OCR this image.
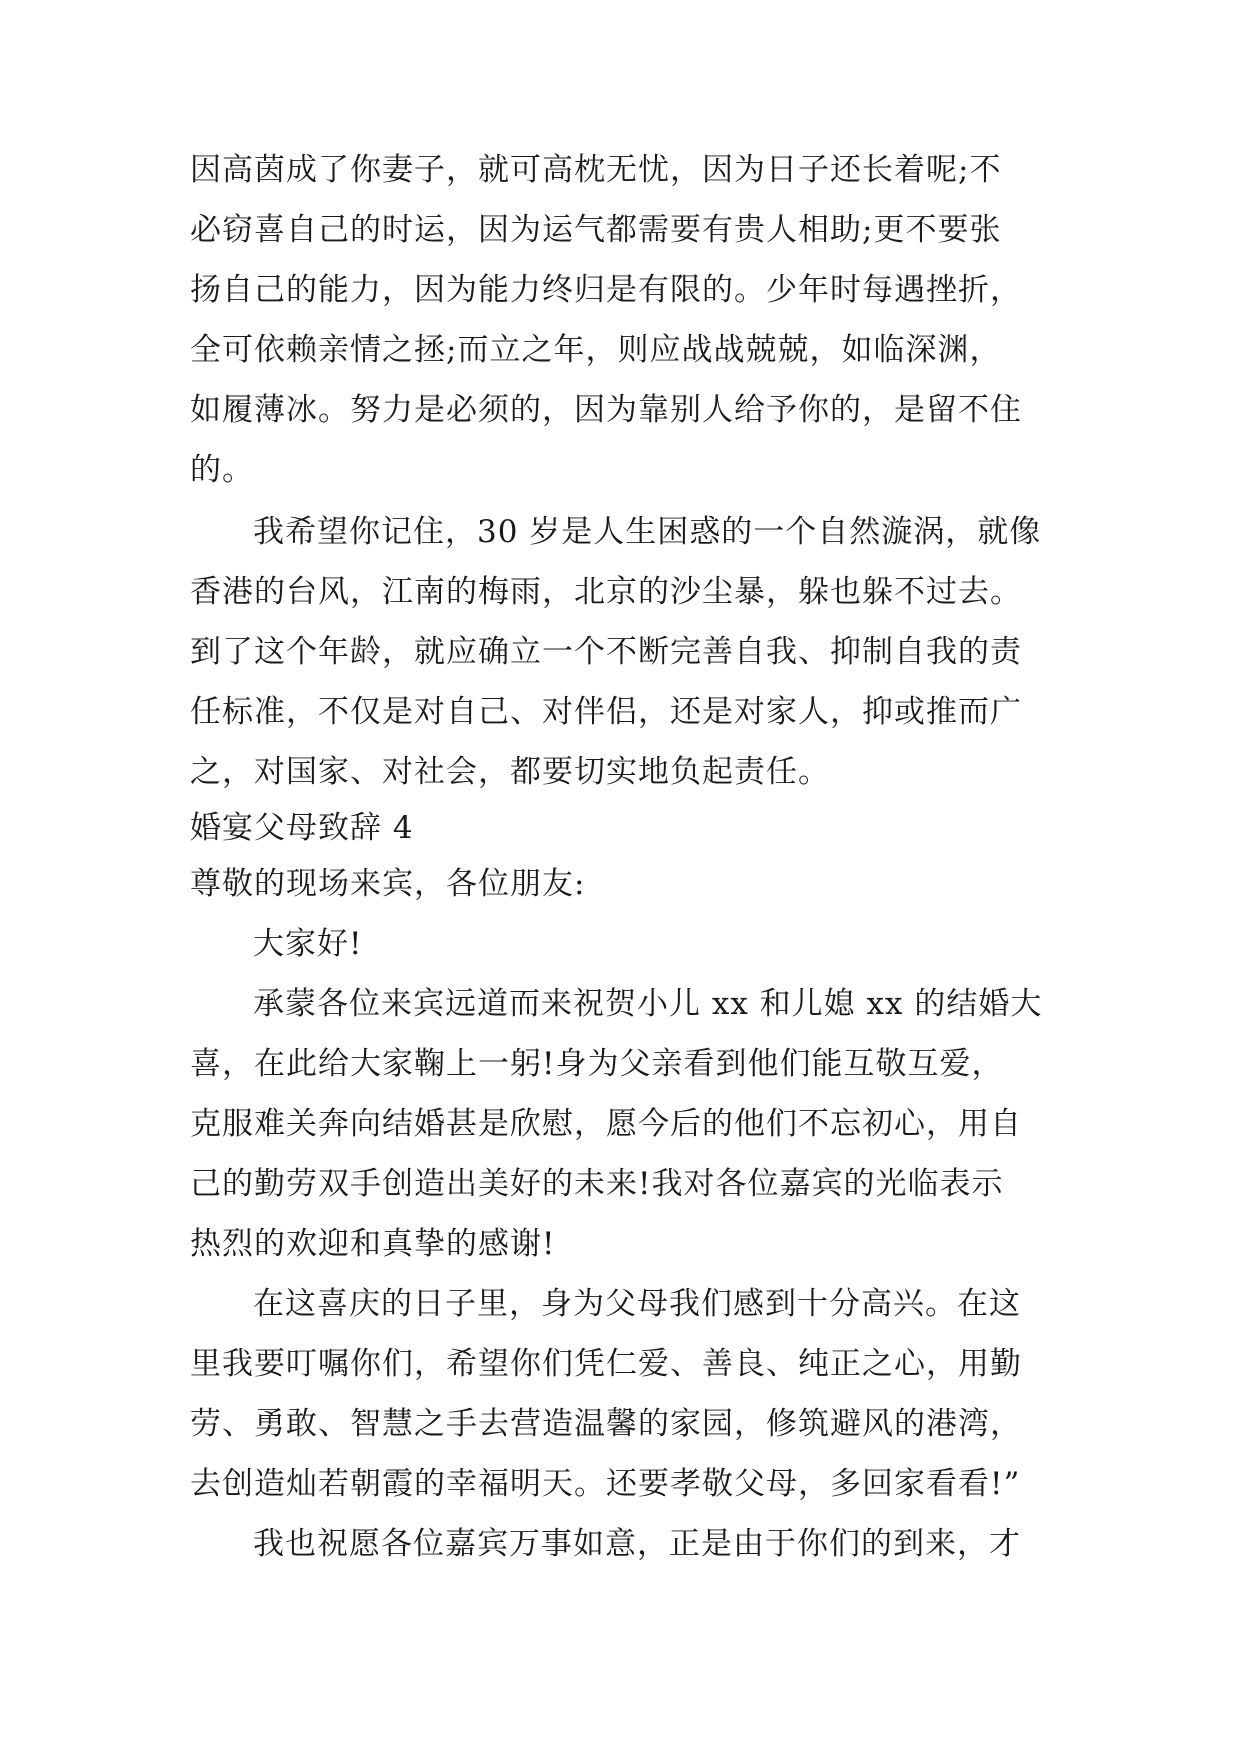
因高茵成了你妻子，就可高枕无忧，因为日子还长着呢;不
必窃喜自己的时运，因为运气都需要有贵人相助;更不要张
扬自己的能力，因为能力终归是有限的。少年时每遇挫折，
全可依赖亲情之拯;而立之年，则应战战兢兢，如临深渊，
如履薄冰。努力是必须的，因为靠别人给予你的，是留不住
的。
我希望你记住，30 岁是人生困惑的一个自然漩涡，就像
香港的台风，江南的梅雨，北京的沙尘暴，躲也躲不过去。
到了这个年龄，就应确立一个不断完善自我、抑制自我的责
任标准，不仅是对自己、对伴侣，还是对家人，抑或推而广
之，对国家、对社会，都要切实地负起责任。
婚宴父母致辞 4
尊敬的现场来宾，各位朋友:
大家好!
承蒙各位来宾远道而来祝贺小儿 xx 和儿媳 xx 的结婚大
喜，在此给大家鞠上一躬!身为父亲看到他们能互敬互爱，
克服难关奔向结婚甚是欣慰，愿今后的他们不忘初心，用自
己的勤劳双手创造出美好的未来!我对各位嘉宾的光临表示
热烈的欢迎和真挚的感谢!
在这喜庆的日子里，身为父母我们感到十分高兴。在这
里我要叮嘱你们，希望你们凭仁爱、善良、纯正之心，用勤
劳、勇敢、智慧之手去营造温馨的家园，修筑避风的港湾，
去创造灿若朝霞的幸福明天。还要孝敬父母，多回家看看!”
我也祝愿各位嘉宾万事如意，正是由于你们的到来，才
